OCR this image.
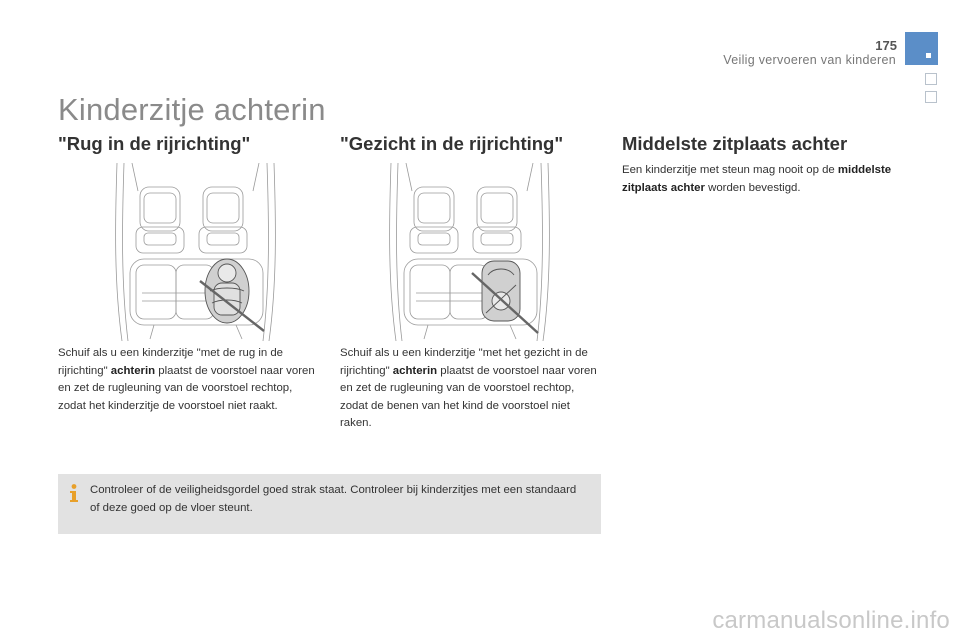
175
Veilig vervoeren van kinderen
Kinderzitje achterin
"Rug in de rijrichting"	"Gezicht in de rijrichting"	Middelste zitplaats achter
Schuif als u een kinderzitje "met de rug in de rijrichting" achterin plaatst de voorstoel naar voren en zet de rugleuning van de voorstoel rechtop, zodat het kinderzitje de voorstoel niet raakt.
Schuif als u een kinderzitje "met het gezicht in de rijrichting" achterin plaatst de voorstoel naar voren en zet de rugleuning van de voorstoel rechtop, zodat de benen van het kind de voorstoel niet raken.
Een kinderzitje met steun mag nooit op de middelste zitplaats achter worden bevestigd.
Controleer of de veiligheidsgordel goed strak staat. Controleer bij kinderzitjes met een standaard of deze goed op de vloer steunt.
carmanualsonline.info
